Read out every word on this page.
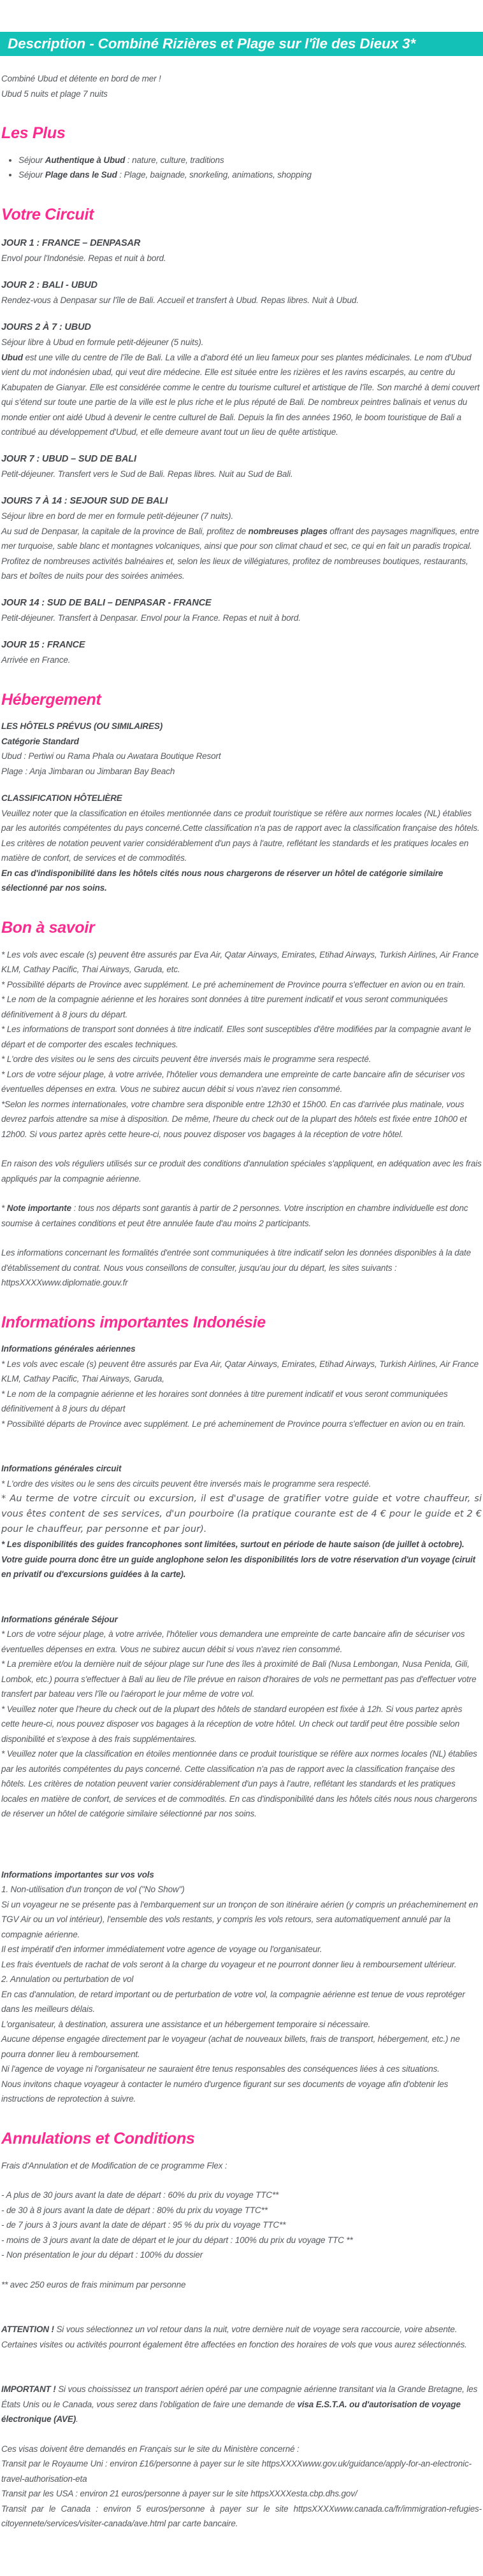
Description - Combiné Rizières et Plage sur l'île des Dieux 3*

Combiné Ubud et détente en bord de mer !

Ubud 5 nuits et plage 7 nuits

Les Plus
• Séjour Authentique à Ubud : nature, culture, traditions
• Séjour Plage dans le Sud : Plage, baignade, snorkeling, animations, shopping
Votre Circuit

JOUR 1 : FRANCE – DENPASAR

Envol pour l'Indonésie. Repas et nuit à bord.

JOUR 2 : BALI - UBUD

Rendez-vous à Denpasar sur l'île de Bali. Accueil et transfert à Ubud. Repas libres. Nuit à Ubud.

JOURS 2 À 7 : UBUD

Séjour libre à Ubud en formule petit-déjeuner (5 nuits).

Ubud est une ville du centre de l'île de Bali. La ville a d'abord été un lieu fameux pour ses plantes médicinales. Le nom d'Ubud vient du mot indonésien ubad, qui veut dire médecine. Elle est située entre les rizières et les ravins escarpés, au centre du Kabupaten de Gianyar. Elle est considérée comme le centre du tourisme culturel et artistique de l'île. Son marché à demi couvert qui s'étend sur toute une partie de la ville est le plus riche et le plus réputé de Bali. De nombreux peintres balinais et venus du monde entier ont aidé Ubud à devenir le centre culturel de Bali. Depuis la fin des années 1960, le boom touristique de Bali a contribué au développement d'Ubud, et elle demeure avant tout un lieu de quête artistique.

JOUR 7 : UBUD – SUD DE BALI

Petit-déjeuner. Transfert vers le Sud de Bali. Repas libres. Nuit au Sud de Bali.

JOURS 7 À 14 : SEJOUR SUD DE BALI

Séjour libre en bord de mer en formule petit-déjeuner (7 nuits).

Au sud de Denpasar, la capitale de la province de Bali, profitez de nombreuses plages offrant des paysages magnifiques, entre mer turquoise, sable blanc et montagnes volcaniques, ainsi que pour son climat chaud et sec, ce qui en fait un paradis tropical. Profitez de nombreuses activités balnéaires et, selon les lieux de villégiatures, profitez de nombreuses boutiques, restaurants, bars et boîtes de nuits pour des soirées animées.

JOUR 14 : SUD DE BALI – DENPASAR - FRANCE

Petit-déjeuner. Transfert à Denpasar. Envol pour la France. Repas et nuit à bord.

JOUR 15 : FRANCE

Arrivée en France.

Hébergement

LES HÔTELS PRÉVUS (OU SIMILAIRES)

Catégorie Standard

Ubud : Pertiwi ou Rama Phala ou Awatara Boutique Resort

Plage : Anja Jimbaran ou Jimbaran Bay Beach

CLASSIFICATION HÔTELIÈRE

Veuillez noter que la classification en étoiles mentionnée dans ce produit touristique se réfère aux normes locales (NL) établies par les autorités compétentes du pays concerné.Cette classification n'a pas de rapport avec la classification française des hôtels. Les critères de notation peuvent varier considérablement d'un pays à l'autre, reflétant les standards et les pratiques locales en matière de confort, de services et de commodités.

En cas d'indisponibilité dans les hôtels cités nous nous chargerons de réserver un hôtel de catégorie similaire sélectionné par nos soins.

Bon à savoir

* Les vols avec escale (s) peuvent être assurés par Eva Air, Qatar Airways, Emirates, Etihad Airways, Turkish Airlines, Air France KLM, Cathay Pacific, Thai Airways, Garuda, etc.

* Possibilité départs de Province avec supplément. Le pré acheminement de Province pourra s'effectuer en avion ou en train.

* Le nom de la compagnie aérienne et les horaires sont données à titre purement indicatif et vous seront communiquées définitivement à 8 jours du départ.

* Les informations de transport sont données à titre indicatif. Elles sont susceptibles d'être modifiées par la compagnie avant le départ et de comporter des escales techniques.

* L'ordre des visites ou le sens des circuits peuvent être inversés mais le programme sera respecté.

* Lors de votre séjour plage, à votre arrivée, l'hôtelier vous demandera une empreinte de carte bancaire afin de sécuriser vos éventuelles dépenses en extra. Vous ne subirez aucun débit si vous n'avez rien consommé.

*Selon les normes internationales, votre chambre sera disponible entre 12h30 et 15h00. En cas d'arrivée plus matinale, vous devrez parfois attendre sa mise à disposition. De même, l'heure du check out de la plupart des hôtels est fixée entre 10h00 et 12h00. Si vous partez après cette heure-ci, nous pouvez disposer vos bagages à la réception de votre hôtel.

En raison des vols réguliers utilisés sur ce produit des conditions d'annulation spéciales s'appliquent, en adéquation avec les frais appliqués par la compagnie aérienne.

* Note importante : tous nos départs sont garantis à partir de 2 personnes. Votre inscription en chambre individuelle est donc soumise à certaines conditions et peut être annulée faute d'au moins 2 participants.

Les informations concernant les formalités d'entrée sont communiquées à titre indicatif selon les données disponibles à la date d'établissement du contrat. Nous vous conseillons de consulter, jusqu'au jour du départ, les sites suivants : httpsXXXXwww.diplomatie.gouv.fr

Informations importantes Indonésie

Informations générales aériennes

* Les vols avec escale (s) peuvent être assurés par Eva Air, Qatar Airways, Emirates, Etihad Airways, Turkish Airlines, Air France KLM, Cathay Pacific, Thai Airways, Garuda,

* Le nom de la compagnie aérienne et les horaires sont données à titre purement indicatif et vous seront communiquées définitivement à 8 jours du départ

* Possibilité départs de Province avec supplément. Le pré acheminement de Province pourra s'effectuer en avion ou en train.

Informations générales circuit

* L'ordre des visites ou le sens des circuits peuvent être inversés mais le programme sera respecté.

* Au terme de votre circuit ou excursion, il est d'usage de gratifier votre guide et votre chauffeur, si vous êtes content de ses services, d'un pourboire (la pratique courante est de 4 € pour le guide et 2 € pour le chauffeur, par personne et par jour).

* Les disponibilités des guides francophones sont limitées, surtout en période de haute saison (de juillet à octobre). Votre guide pourra donc être un guide anglophone selon les disponibilités lors de votre réservation d'un voyage (ciruit en privatif ou d'excursions guidées à la carte).

Informations générale Séjour

* Lors de votre séjour plage, à votre arrivée, l'hôtelier vous demandera une empreinte de carte bancaire afin de sécuriser vos éventuelles dépenses en extra. Vous ne subirez aucun débit si vous n'avez rien consommé.

* La première et/ou la dernière nuit de séjour plage sur l'une des îles à proximité de Bali (Nusa Lembongan, Nusa Penida, Gili, Lombok, etc.) pourra s'effectuer à Bali au lieu de l'île prévue en raison d'horaires de vols ne permettant pas pas d'effectuer votre transfert par bateau vers l'île ou l'aéroport le jour même de votre vol.

* Veuillez noter que l'heure du check out de la plupart des hôtels de standard européen est fixée à 12h. Si vous partez après cette heure-ci, nous pouvez disposer vos bagages à la réception de votre hôtel. Un check out tardif peut être possible selon disponibilité et s'expose à des frais supplémentaires.

* Veuillez noter que la classification en étoiles mentionnée dans ce produit touristique se réfère aux normes locales (NL) établies par les autorités compétentes du pays concerné. Cette classification n'a pas de rapport avec la classification française des hôtels. Les critères de notation peuvent varier considérablement d'un pays à l'autre, reflétant les standards et les pratiques locales en matière de confort, de services et de commodités. En cas d'indisponibilité dans les hôtels cités nous nous chargerons de réserver un hôtel de catégorie similaire sélectionné par nos soins.

Informations importantes sur vos vols

1. Non-utilisation d'un tronçon de vol ("No Show")

Si un voyageur ne se présente pas à l'embarquement sur un tronçon de son itinéraire aérien (y compris un préacheminement en TGV Air ou un vol intérieur), l'ensemble des vols restants, y compris les vols retours, sera automatiquement annulé par la compagnie aérienne.

Il est impératif d'en informer immédiatement votre agence de voyage ou l'organisateur.

Les frais éventuels de rachat de vols seront à la charge du voyageur et ne pourront donner lieu à remboursement ultérieur.

2. Annulation ou perturbation de vol

En cas d'annulation, de retard important ou de perturbation de votre vol, la compagnie aérienne est tenue de vous reprotéger dans les meilleurs délais.

L'organisateur, à destination, assurera une assistance et un hébergement temporaire si nécessaire.

Aucune dépense engagée directement par le voyageur (achat de nouveaux billets, frais de transport, hébergement, etc.) ne pourra donner lieu à remboursement.

Ni l'agence de voyage ni l'organisateur ne sauraient être tenus responsables des conséquences liées à ces situations.

Nous invitons chaque voyageur à contacter le numéro d'urgence figurant sur ses documents de voyage afin d'obtenir les instructions de reprotection à suivre.

Annulations et Conditions

Frais d'Annulation et de Modification de ce programme Flex :

- A plus de 30 jours avant la date de départ : 60% du prix du voyage TTC**

- de 30 à 8 jours avant la date de départ : 80% du prix du voyage TTC**

- de 7 jours à 3 jours avant la date de départ : 95 % du prix du voyage TTC**

- moins de 3 jours avant la date de départ et le jour du départ : 100% du prix du voyage TTC **

- Non présentation le jour du départ : 100% du dossier

** avec 250 euros de frais minimum par personne

ATTENTION ! Si vous sélectionnez un vol retour dans la nuit, votre dernière nuit de voyage sera raccourcie, voire absente. Certaines visites ou activités pourront également être affectées en fonction des horaires de vols que vous aurez sélectionnés.

IMPORTANT ! Si vous choississez un transport aérien opéré par une compagnie aérienne transitant via la Grande Bretagne, les États Unis ou le Canada, vous serez dans l'obligation de faire une demande de visa E.S.T.A. ou d'autorisation de voyage électronique (AVE).

Ces visas doivent être demandés en Français sur le site du Ministère concerné :

Transit par le Royaume Uni : environ £16/personne à payer sur le site httpsXXXXwww.gov.uk/guidance/apply-for-an-electronic-travel-authorisation-eta

Transit par les USA : environ 21 euros/personne à payer sur le site httpsXXXXesta.cbp.dhs.gov/

Transit par le Canada : environ 5 euros/personne à payer sur le site httpsXXXXwww.canada.ca/fr/immigration-refugies-citoyennete/services/visiter-canada/ave.html par carte bancaire.
